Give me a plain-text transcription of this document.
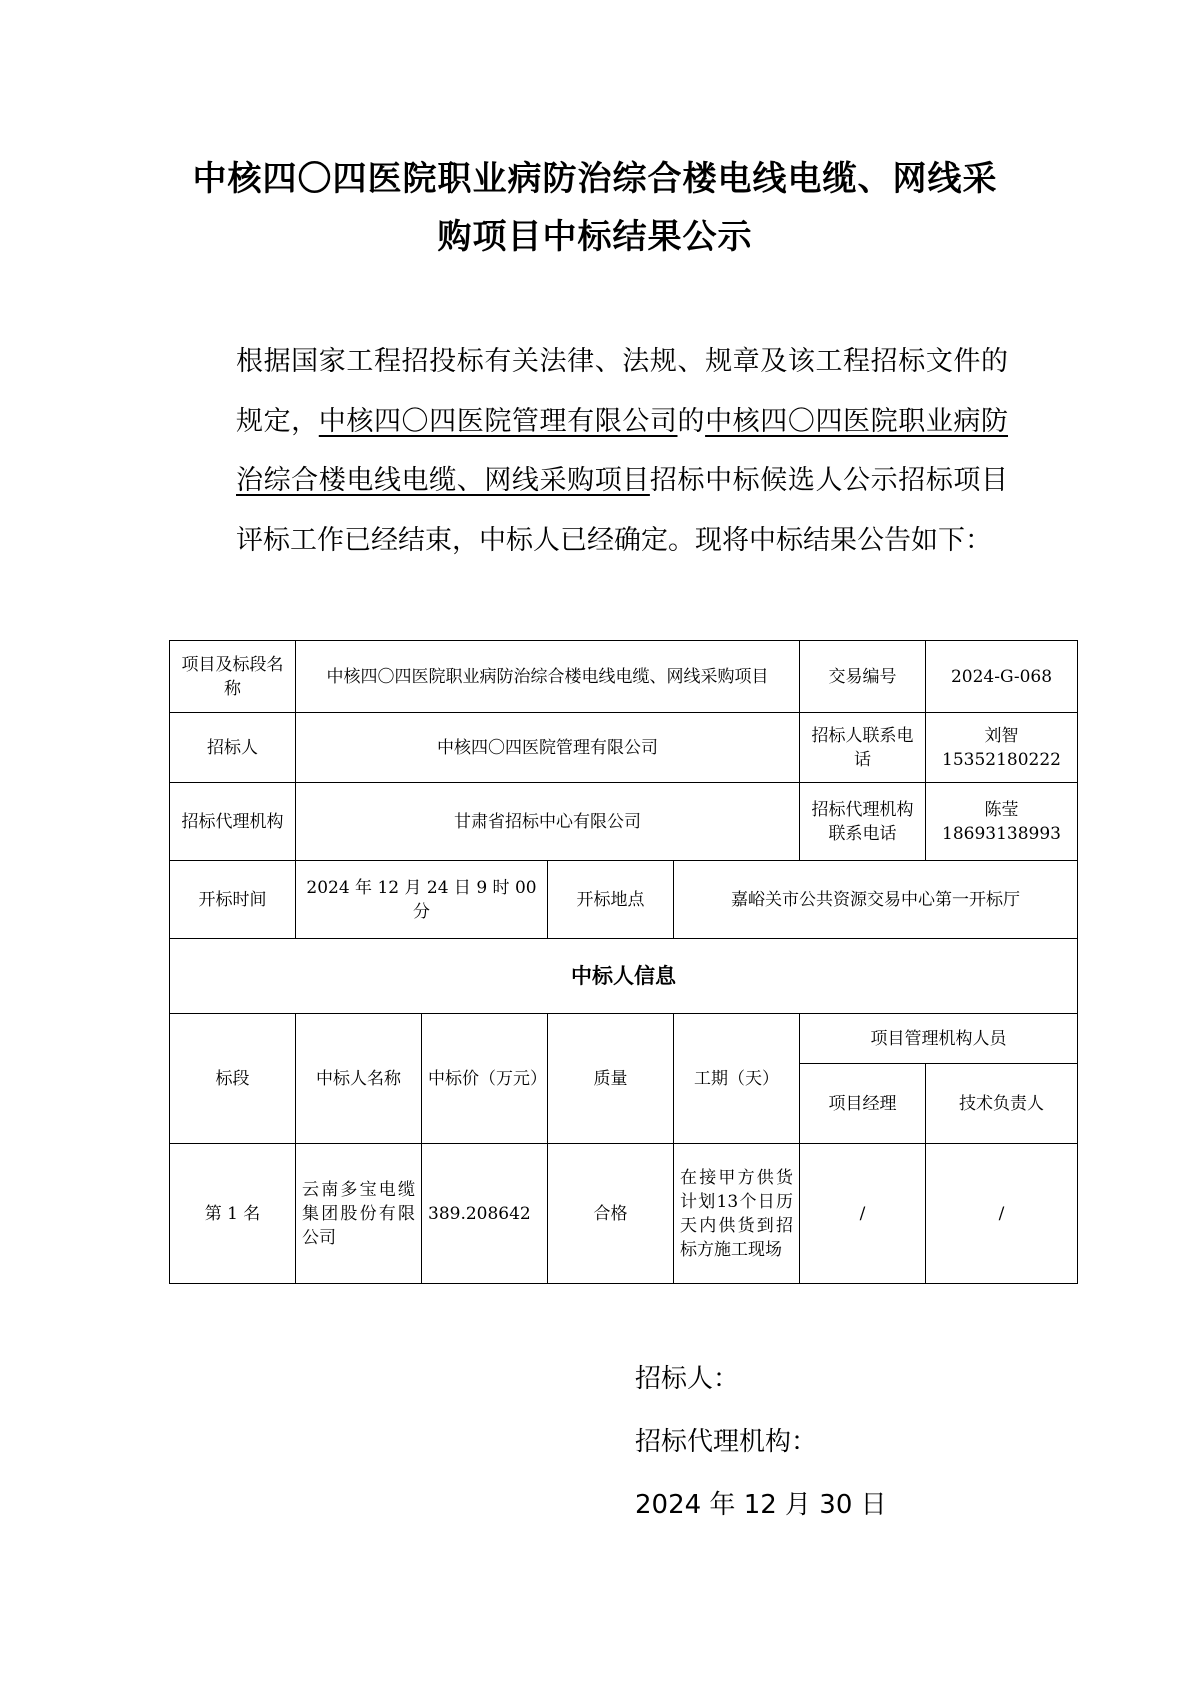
中核四〇四医院职业病防治综合楼电线电缆、网线采
购项目中标结果公示
根据国家工程招投标有关法律、法规、规章及该工程招标文件的规定，中核四〇四医院管理有限公司的中核四〇四医院职业病防治综合楼电线电缆、网线采购项目招标中标候选人公示招标项目评标工作已经结束，中标人已经确定。现将中标结果公告如下：
项目及标段名称	中核四〇四医院职业病防治综合楼电线电缆、网线采购项目				交易编号	2024-G-068
招标人	中核四〇四医院管理有限公司				招标人联系电话	刘智
15352180222

招标代理机构	甘肃省招标中心有限公司				招标代理机构联系电话	陈莹
18693138993

开标时间	2024 年 12 月 24 日 9 时 00 分		开标地点	嘉峪关市公共资源交易中心第一开标厅		
中标人信息						
标段	中标人名称	中标价（万元）	质量	工期（天）	项目管理机构人员	
					项目经理	技术负责人
第 1 名	云南多宝电缆集团股份有限公司	389.208642	合格	在接甲方供货计划13个日历天内供货到招标方施工现场	/	/
招标人：
招标代理机构：
2024 年 12 月 30 日
